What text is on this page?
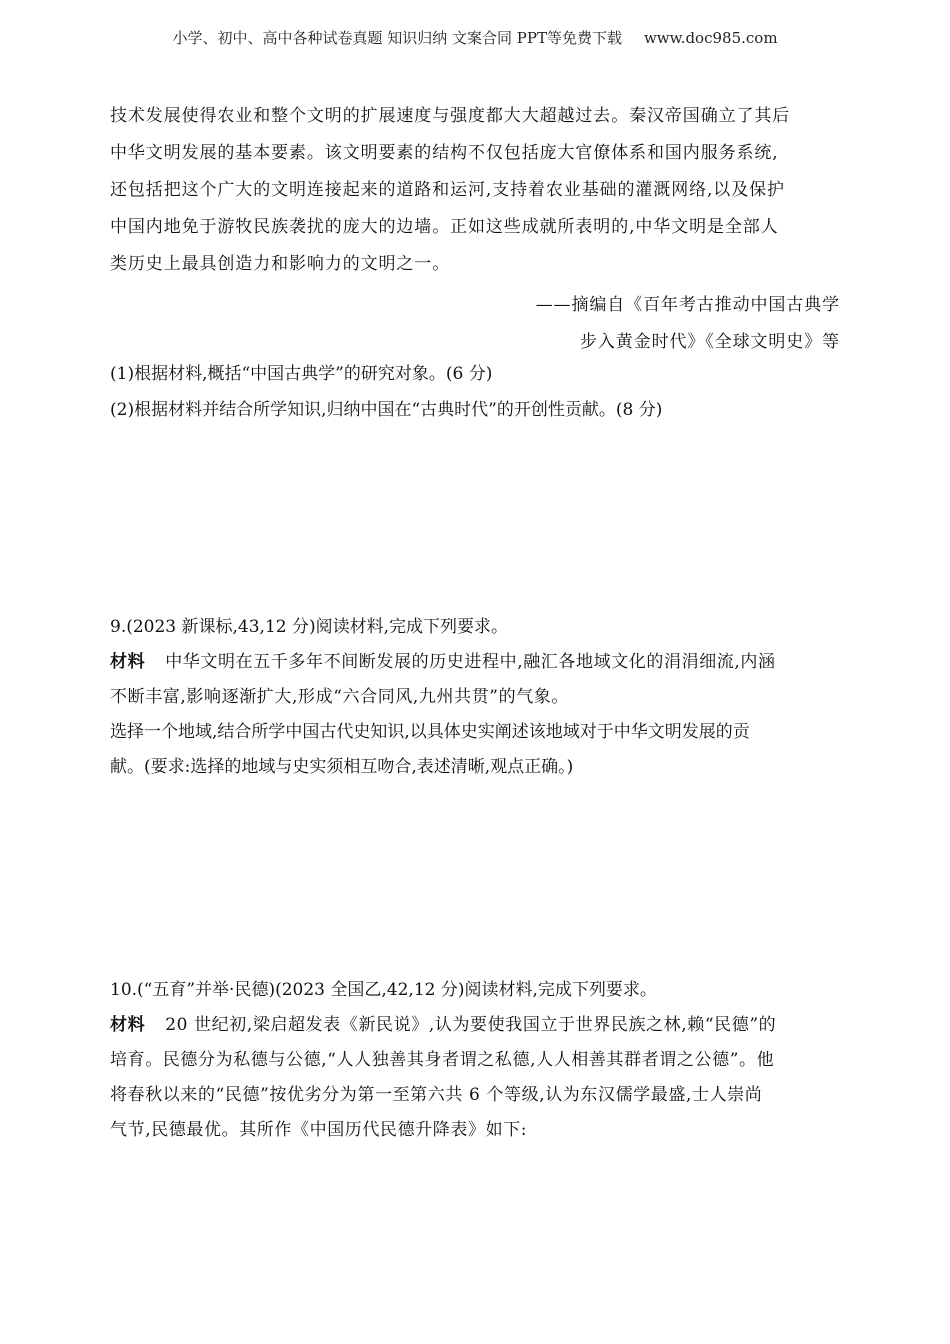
小学、初中、高中各种试卷真题 知识归纳 文案合同 PPT等免费下载 www.doc985.com

技术发展使得农业和整个文明的扩展速度与强度都大大超越过去。秦汉帝国确立了其后

中华文明发展的基本要素。该文明要素的结构不仅包括庞大官僚体系和国内服务系统,

还包括把这个广大的文明连接起来的道路和运河,支持着农业基础的灌溉网络,以及保护

中国内地免于游牧民族袭扰的庞大的边墙。正如这些成就所表明的,中华文明是全部人

类历史上最具创造力和影响力的文明之一。

——摘编自《百年考古推动中国古典学
步入黄金时代》《全球文明史》等

(1)根据材料,概括“中国古典学”的研究对象。(6 分)

(2)根据材料并结合所学知识,归纳中国在“古典时代”的开创性贡献。(8 分)

9.(2023 新课标,43,12 分)阅读材料,完成下列要求。

材料 中华文明在五千多年不间断发展的历史进程中,融汇各地域文化的涓涓细流,内涵

不断丰富,影响逐渐扩大,形成“六合同风,九州共贯”的气象。

选择一个地域,结合所学中国古代史知识,以具体史实阐述该地域对于中华文明发展的贡

献。(要求:选择的地域与史实须相互吻合,表述清晰,观点正确。)

10.(“五育”并举·民德)(2023 全国乙,42,12 分)阅读材料,完成下列要求。

材料 20 世纪初,梁启超发表《新民说》,认为要使我国立于世界民族之林,赖“民德”的

培育。民德分为私德与公德,“人人独善其身者谓之私德,人人相善其群者谓之公德”。他

将春秋以来的“民德”按优劣分为第一至第六共 6 个等级,认为东汉儒学最盛,士人崇尚

气节,民德最优。其所作《中国历代民德升降表》如下:
